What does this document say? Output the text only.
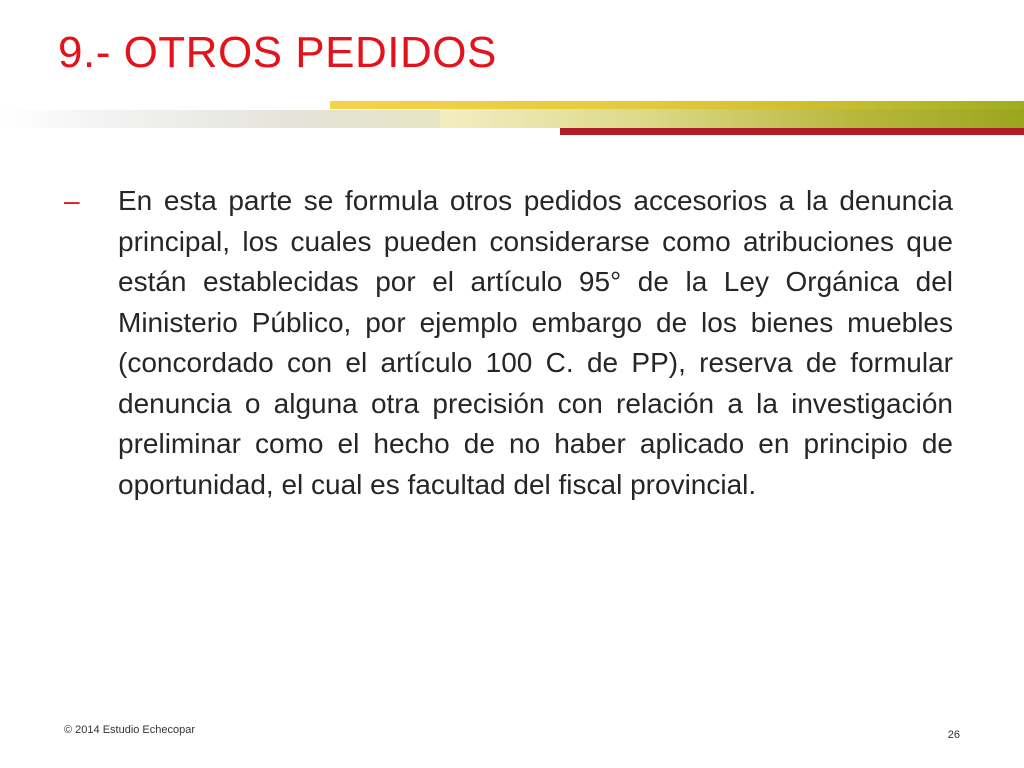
9.- OTROS PEDIDOS
– En esta parte se formula otros pedidos accesorios a la denuncia principal, los cuales pueden considerarse como atribuciones que están establecidas por el artículo 95° de la Ley Orgánica del Ministerio Público, por ejemplo embargo de los bienes muebles (concordado con el artículo 100 C. de PP), reserva de formular denuncia o alguna otra precisión con relación a la investigación preliminar como el hecho de no haber aplicado en principio de oportunidad, el cual es facultad del fiscal provincial.

© 2014 Estudio Echecopar	26
